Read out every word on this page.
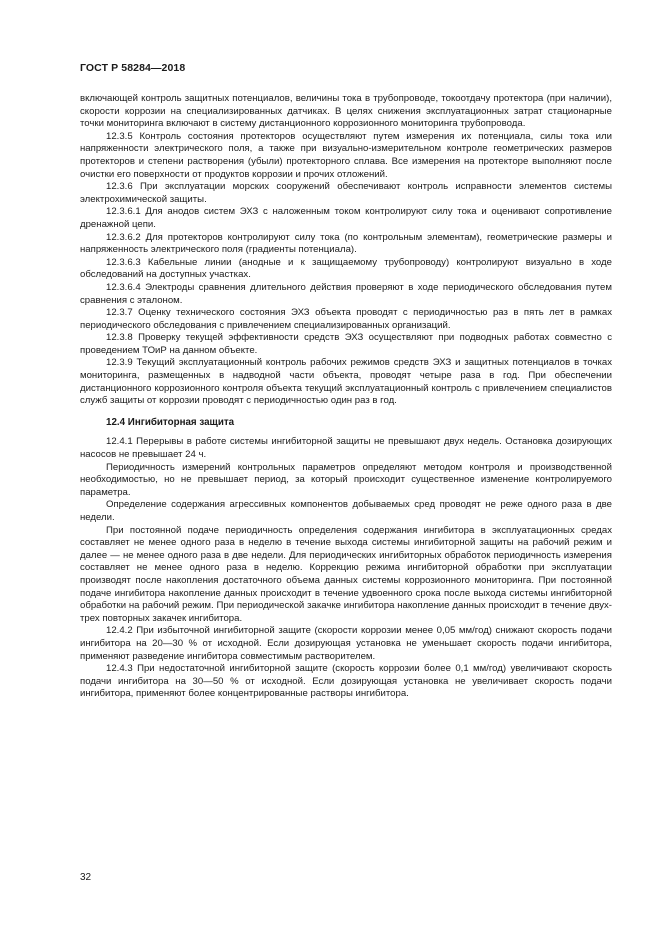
ГОСТ Р 58284—2018

включающей контроль защитных потенциалов, величины тока в трубопроводе, токоотдачу протектора (при наличии), скорости коррозии на специализированных датчиках. В целях снижения эксплуатационных затрат стационарные точки мониторинга включают в систему дистанционного коррозионного мониторинга трубопровода.

12.3.5 Контроль состояния протекторов осуществляют путем измерения их потенциала, силы тока или напряженности электрического поля, а также при визуально-измерительном контроле геометрических размеров протекторов и степени растворения (убыли) протекторного сплава. Все измерения на протекторе выполняют после очистки его поверхности от продуктов коррозии и прочих отложений.

12.3.6 При эксплуатации морских сооружений обеспечивают контроль исправности элементов системы электрохимической защиты.

12.3.6.1 Для анодов систем ЭХЗ с наложенным током контролируют силу тока и оценивают сопротивление дренажной цепи.

12.3.6.2 Для протекторов контролируют силу тока (по контрольным элементам), геометрические размеры и напряженность электрического поля (градиенты потенциала).

12.3.6.3 Кабельные линии (анодные и к защищаемому трубопроводу) контролируют визуально в ходе обследований на доступных участках.

12.3.6.4 Электроды сравнения длительного действия проверяют в ходе периодического обследования путем сравнения с эталоном.

12.3.7 Оценку технического состояния ЭХЗ объекта проводят с периодичностью раз в пять лет в рамках периодического обследования с привлечением специализированных организаций.

12.3.8 Проверку текущей эффективности средств ЭХЗ осуществляют при подводных работах совместно с проведением ТОиР на данном объекте.

12.3.9 Текущий эксплуатационный контроль рабочих режимов средств ЭХЗ и защитных потенциалов в точках мониторинга, размещенных в надводной части объекта, проводят четыре раза в год. При обеспечении дистанционного коррозионного контроля объекта текущий эксплуатационный контроль с привлечением специалистов служб защиты от коррозии проводят с периодичностью один раз в год.

12.4 Ингибиторная защита

12.4.1 Перерывы в работе системы ингибиторной защиты не превышают двух недель. Остановка дозирующих насосов не превышает 24 ч.

Периодичность измерений контрольных параметров определяют методом контроля и производственной необходимостью, но не превышает период, за который происходит существенное изменение контролируемого параметра.

Определение содержания агрессивных компонентов добываемых сред проводят не реже одного раза в две недели.

При постоянной подаче периодичность определения содержания ингибитора в эксплуатационных средах составляет не менее одного раза в неделю в течение выхода системы ингибиторной защиты на рабочий режим и далее — не менее одного раза в две недели. Для периодических ингибиторных обработок периодичность измерения составляет не менее одного раза в неделю. Коррекцию режима ингибиторной обработки при эксплуатации производят после накопления достаточного объема данных системы коррозионного мониторинга. При постоянной подаче ингибитора накопление данных происходит в течение удвоенного срока после выхода системы ингибиторной обработки на рабочий режим. При периодической закачке ингибитора накопление данных происходит в течение двух-трех повторных закачек ингибитора.

12.4.2 При избыточной ингибиторной защите (скорости коррозии менее 0,05 мм/год) снижают скорость подачи ингибитора на 20—30 % от исходной. Если дозирующая установка не уменьшает скорость подачи ингибитора, применяют разведение ингибитора совместимым растворителем.

12.4.3 При недостаточной ингибиторной защите (скорость коррозии более 0,1 мм/год) увеличивают скорость подачи ингибитора на 30—50 % от исходной. Если дозирующая установка не увеличивает скорость подачи ингибитора, применяют более концентрированные растворы ингибитора.

32
